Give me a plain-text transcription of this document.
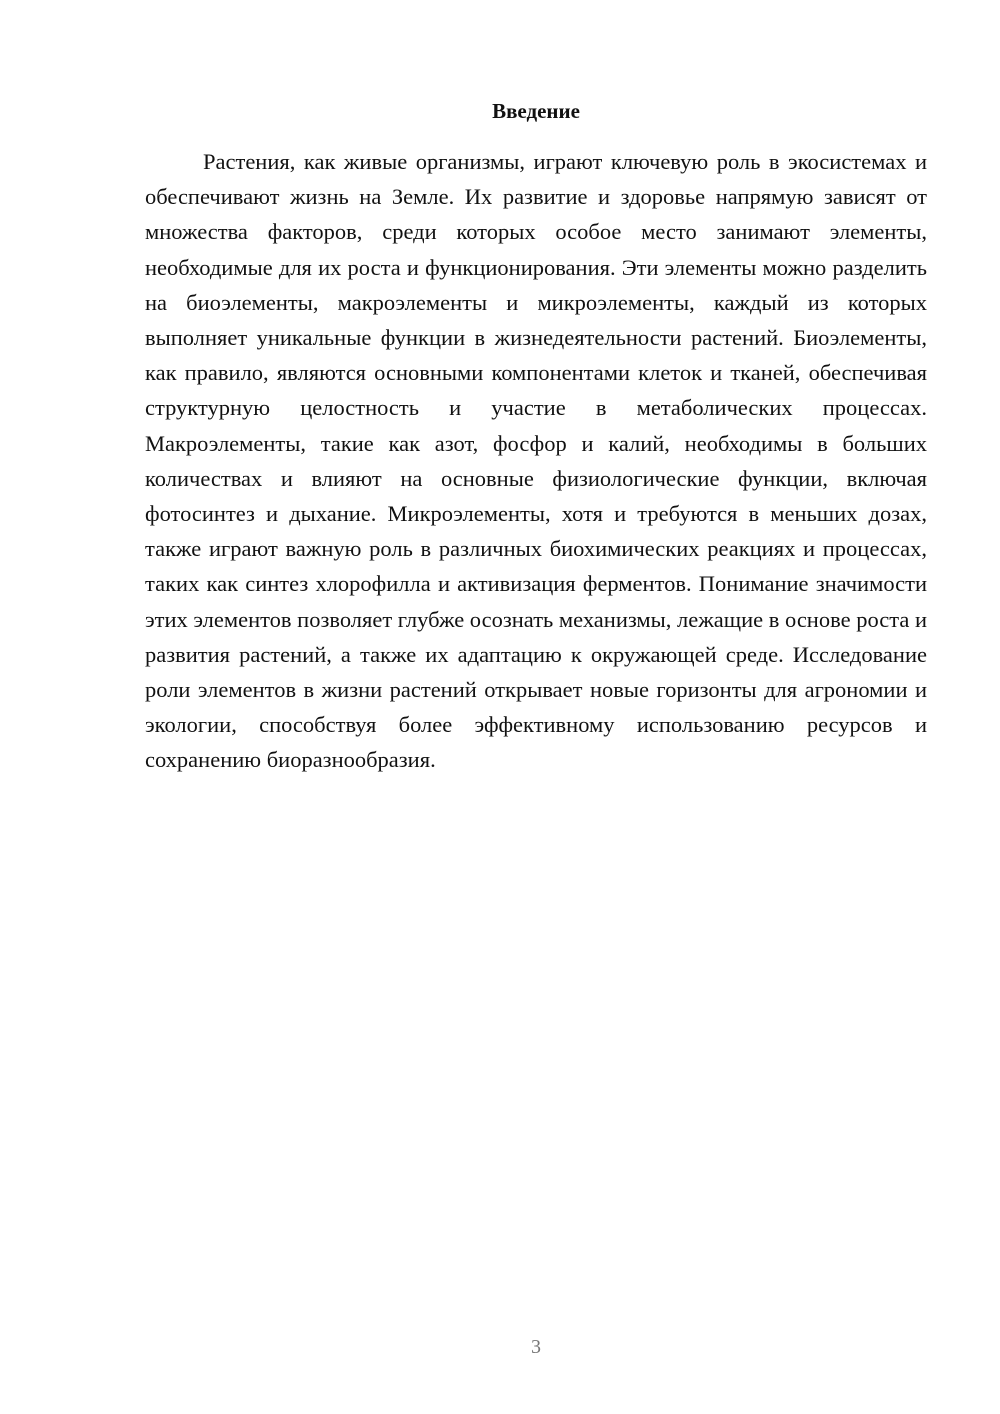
Введение

Растения, как живые организмы, играют ключевую роль в экосистемах и обеспечивают жизнь на Земле. Их развитие и здоровье напрямую зависят от множества факторов, среди которых особое место занимают элементы, необходимые для их роста и функционирования. Эти элементы можно разделить на биоэлементы, макроэлементы и микроэлементы, каждый из которых выполняет уникальные функции в жизнедеятельности растений. Биоэлементы, как правило, являются основными компонентами клеток и тканей, обеспечивая структурную целостность и участие в метаболических процессах. Макроэлементы, такие как азот, фосфор и калий, необходимы в больших количествах и влияют на основные физиологические функции, включая фотосинтез и дыхание. Микроэлементы, хотя и требуются в меньших дозах, также играют важную роль в различных биохимических реакциях и процессах, таких как синтез хлорофилла и активизация ферментов. Понимание значимости этих элементов позволяет глубже осознать механизмы, лежащие в основе роста и развития растений, а также их адаптацию к окружающей среде. Исследование роли элементов в жизни растений открывает новые горизонты для агрономии и экологии, способствуя более эффективному использованию ресурсов и сохранению биоразнообразия.

3
